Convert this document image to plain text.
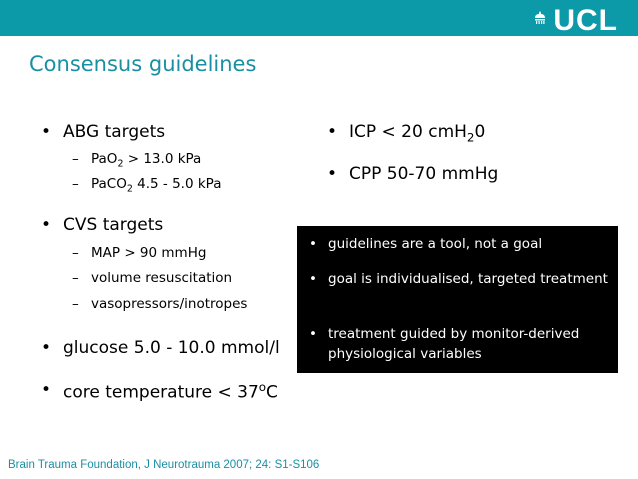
UCL
Consensus guidelines
• ABG targets
– PaO$_2$ > 13.0 kPa
– PaCO$_2$ 4.5 - 5.0 kPa
• CVS targets
– MAP > 90 mmHg
– volume resuscitation
– vasopressors/inotropes
• glucose 5.0 - 10.0 mmol/l
• core temperature < $37^oC$
• ICP < 20 cmH$_2$0
• CPP 50-70 mmHg
• guidelines are a tool, not a goal
• goal is individualised, targeted treatment
• treatment guided by monitor-derived physiological variables
Brain Trauma Foundation, J Neurotrauma 2007; 24: S1-S106
